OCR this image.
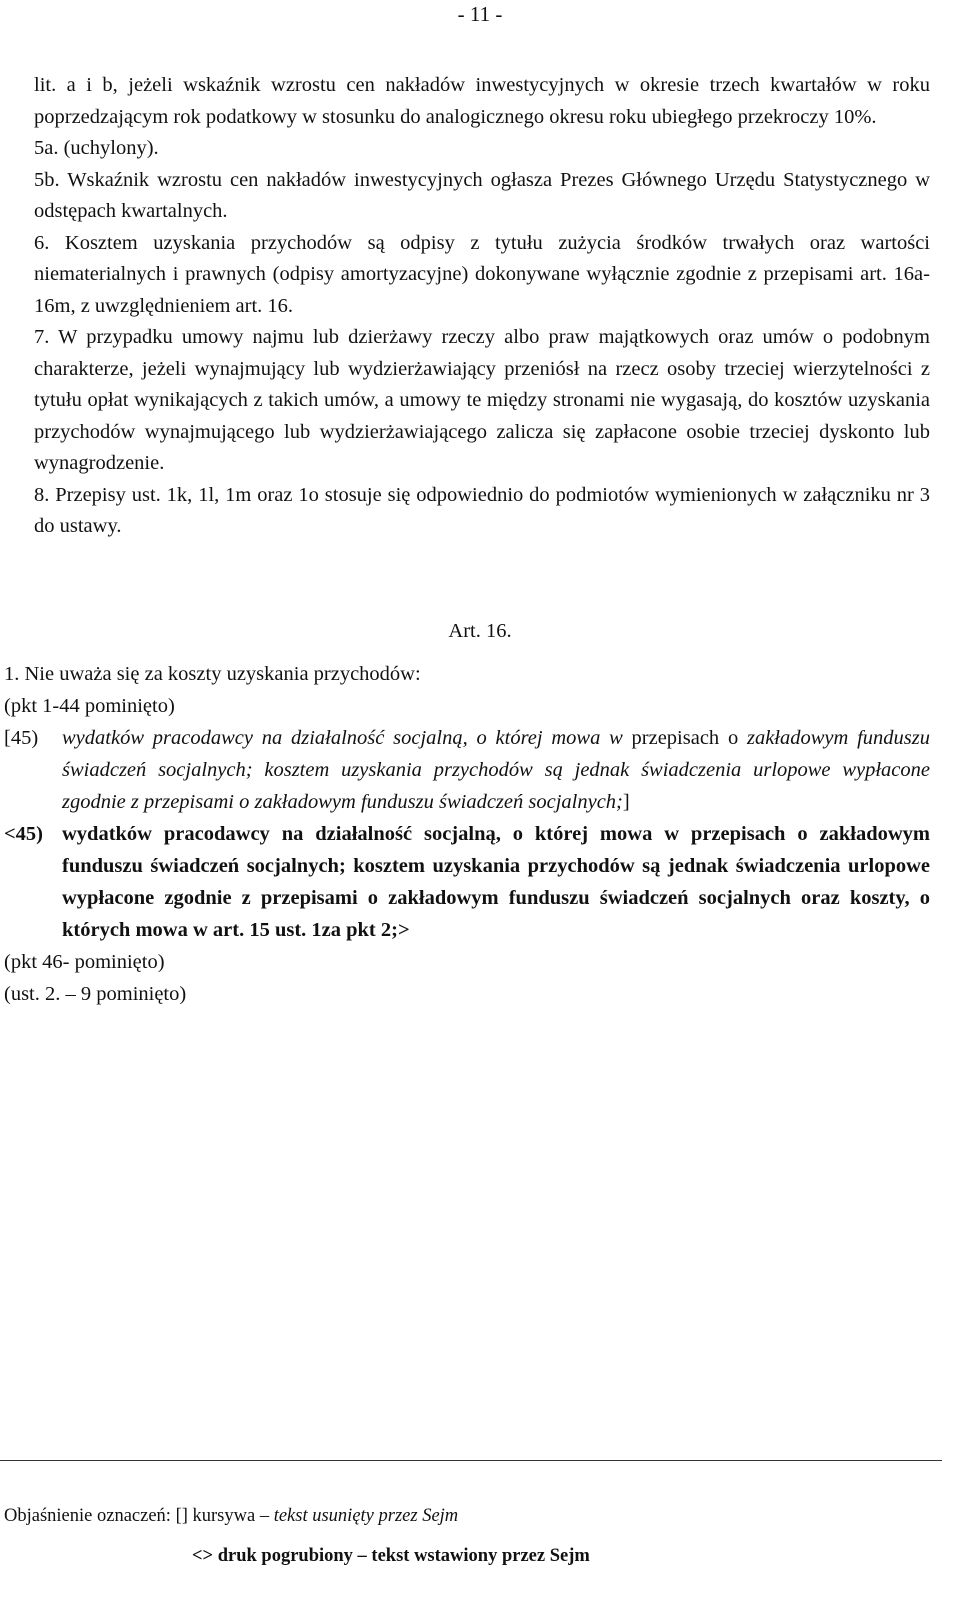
- 11 -

lit. a i b, jeżeli wskaźnik wzrostu cen nakładów inwestycyjnych w okresie trzech kwartałów w roku poprzedzającym rok podatkowy w stosunku do analogicznego okresu roku ubiegłego przekroczy 10%.

5a. (uchylony).

5b. Wskaźnik wzrostu cen nakładów inwestycyjnych ogłasza Prezes Głównego Urzędu Statystycznego w odstępach kwartalnych.

6. Kosztem uzyskania przychodów są odpisy z tytułu zużycia środków trwałych oraz wartości niematerialnych i prawnych (odpisy amortyzacyjne) dokonywane wyłącznie zgodnie z przepisami art. 16a-16m, z uwzględnieniem art. 16.

7. W przypadku umowy najmu lub dzierżawy rzeczy albo praw majątkowych oraz umów o podobnym charakterze, jeżeli wynajmujący lub wydzierżawiający przeniósł na rzecz osoby trzeciej wierzytelności z tytułu opłat wynikających z takich umów, a umowy te między stronami nie wygasają, do kosztów uzyskania przychodów wynajmującego lub wydzierżawiającego zalicza się zapłacone osobie trzeciej dyskonto lub wynagrodzenie.

8. Przepisy ust. 1k, 1l, 1m oraz 1o stosuje się odpowiednio do podmiotów wymienionych w załączniku nr 3 do ustawy.

Art. 16.

1. Nie uważa się za koszty uzyskania przychodów:

(pkt 1-44 pominięto)

[45) wydatków pracodawcy na działalność socjalną, o której mowa w przepisach o zakładowym funduszu świadczeń socjalnych; kosztem uzyskania przychodów są jednak świadczenia urlopowe wypłacone zgodnie z przepisami o zakładowym funduszu świadczeń socjalnych;]
<45) wydatków pracodawcy na działalność socjalną, o której mowa w przepisach o zakładowym funduszu świadczeń socjalnych; kosztem uzyskania przychodów są jednak świadczenia urlopowe wypłacone zgodnie z przepisami o zakładowym funduszu świadczeń socjalnych oraz koszty, o których mowa w art. 15 ust. 1za pkt 2;>

(pkt 46- pominięto)

(ust. 2. – 9 pominięto)

Objaśnienie oznaczeń: [] kursywa – tekst usunięty przez Sejm

<> druk pogrubiony – tekst wstawiony przez Sejm
